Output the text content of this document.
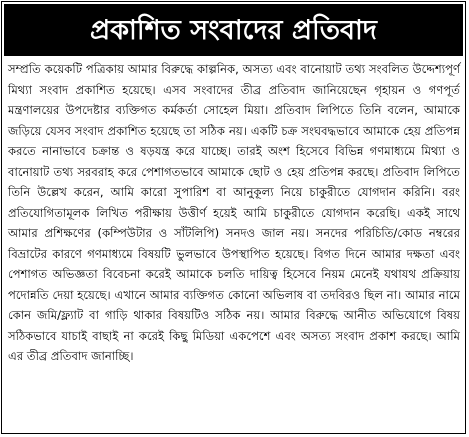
প্রকাশিত সংবাদের প্রতিবাদ

সম্প্রতি কয়েকটি পত্রিকায় আমার বিরুদ্ধে কাল্পনিক, অসত্য এবং বানোয়াট তথ্য সংবলিত উদ্দেশ্যপূর্ণ মিথ্যা সংবাদ প্রকাশিত হয়েছে। এসব সংবাদের তীব্র প্রতিবাদ জানিয়েছেন গৃহায়ন ও গণপূর্ত মন্ত্রণালয়ের উপদেষ্টার ব্যক্তিগত কর্মকর্তা সোহেল মিয়া। প্রতিবাদ লিপিতে তিনি বলেন, আমাকে জড়িয়ে যেসব সংবাদ প্রকাশিত হয়েছে তা সঠিক নয়। একটি চক্র সংঘবদ্ধভাবে আমাকে হেয় প্রতিপন্ন করতে নানাভাবে চক্রান্ত ও ষড়যন্ত্র করে যাচ্ছে। তারই অংশ হিসেবে বিভিন্ন গণমাধ্যমে মিথ্যা ও বানোয়াট তথ্য সরবরাহ করে পেশাগতভাবে আমাকে ছোট ও হেয় প্রতিপন্ন করছে। প্রতিবাদ লিপিতে তিনি উল্লেখ করেন, আমি কারো সুপারিশ বা আনুকূল্য নিয়ে চাকুরীতে যোগদান করিনি। বরং প্রতিযোগিতামূলক লিখিত পরীক্ষায় উত্তীর্ণ হয়েই আমি চাকুরীতে যোগদান করেছি। একই সাথে আমার প্রশিক্ষণের (কম্পিউটার ও সাঁটলিপি) সনদও জাল নয়। সনদের পরিচিতি/কোড নম্বরের বিভ্রাটের কারণে গণমাধ্যমে বিষয়টি ভুলভাবে উপস্থাপিত হয়েছে। বিগত দিনে আমার দক্ষতা এবং পেশাগত অভিজ্ঞতা বিবেচনা করেই আমাকে চলতি দায়িত্ব হিসেবে নিয়ম মেনেই যথাযথ প্রক্রিয়ায় পদোন্নতি দেয়া হয়েছে। এখানে আমার ব্যক্তিগত কোনো অভিলাষ বা তদবিরও ছিল না। আমার নামে কোন জমি/ফ্ল্যাট বা গাড়ি থাকার বিষয়টিও সঠিক নয়। আমার বিরুদ্ধে আনীত অভিযোগে বিষয় সঠিকভাবে যাচাই বাছাই না করেই কিছু মিডিয়া একপেশে এবং অসত্য সংবাদ প্রকাশ করছে। আমি এর তীব্র প্রতিবাদ জানাচ্ছি।
